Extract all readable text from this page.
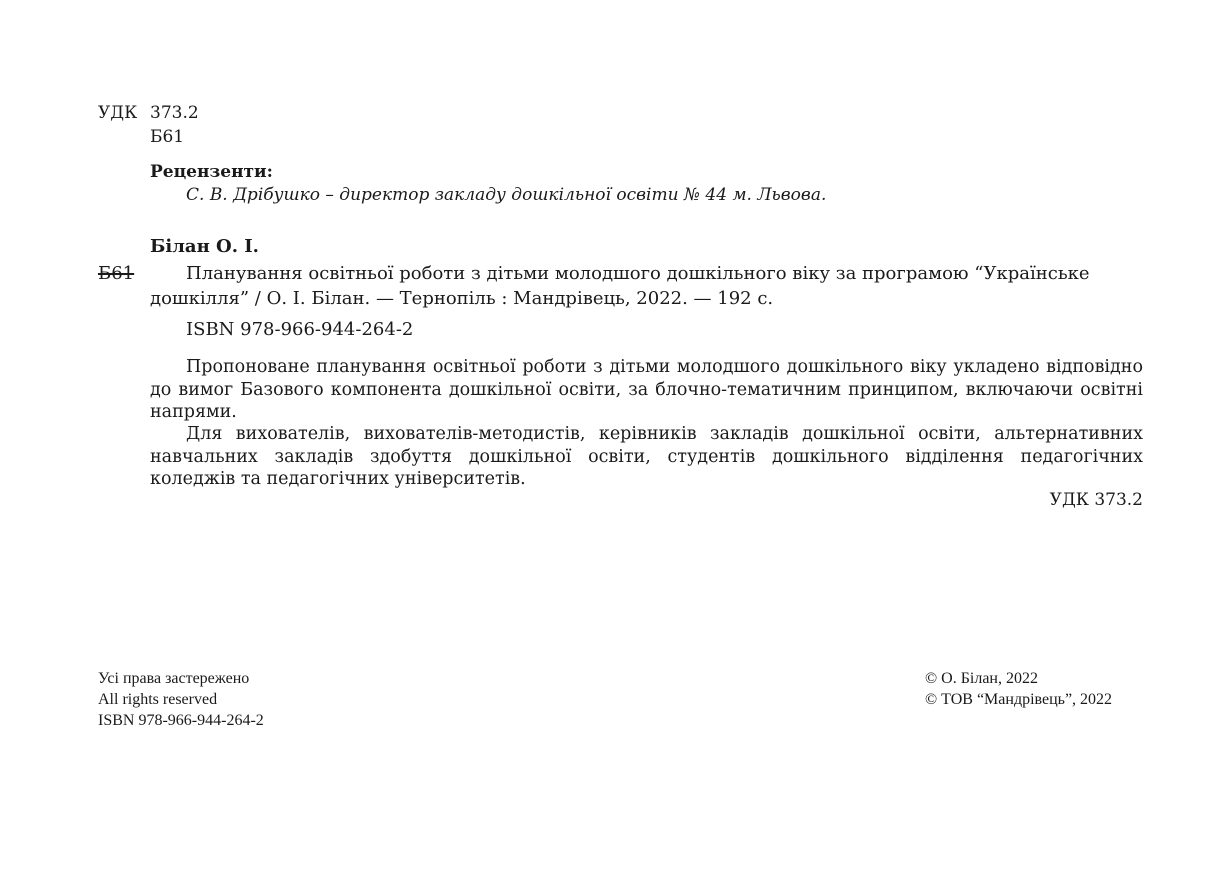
УДК 373.2
Б61
Рецензенти:
С. В. Дрібушко – директор закладу дошкільної освіти № 44 м. Львова.
Білан О. І.
Б61	Планування освітньої роботи з дітьми молодшого дошкільного віку за програмою “Українське
дошкілля” / О. І. Білан. — Тернопіль : Мандрівець, 2022. — 192 с.
ISBN 978-966-944-264-2
Пропоноване планування освітньої роботи з дітьми молодшого дошкільного віку укладено відповідно до вимог Базового компонента дошкільної освіти, за блочно-тематичним принципом, включаючи освітні напрями.
Для вихователів, вихователів-методистів, керівників закладів дошкільної освіти, альтернативних навчальних закладів здобуття дошкільної освіти, студентів дошкільного відділення педагогічних коледжів та педагогічних університетів.
УДК 373.2
Усі права застережено
All rights reserved
ISBN 978-966-944-264-2
© О. Білан, 2022
© ТОВ “Мандрівець”, 2022
